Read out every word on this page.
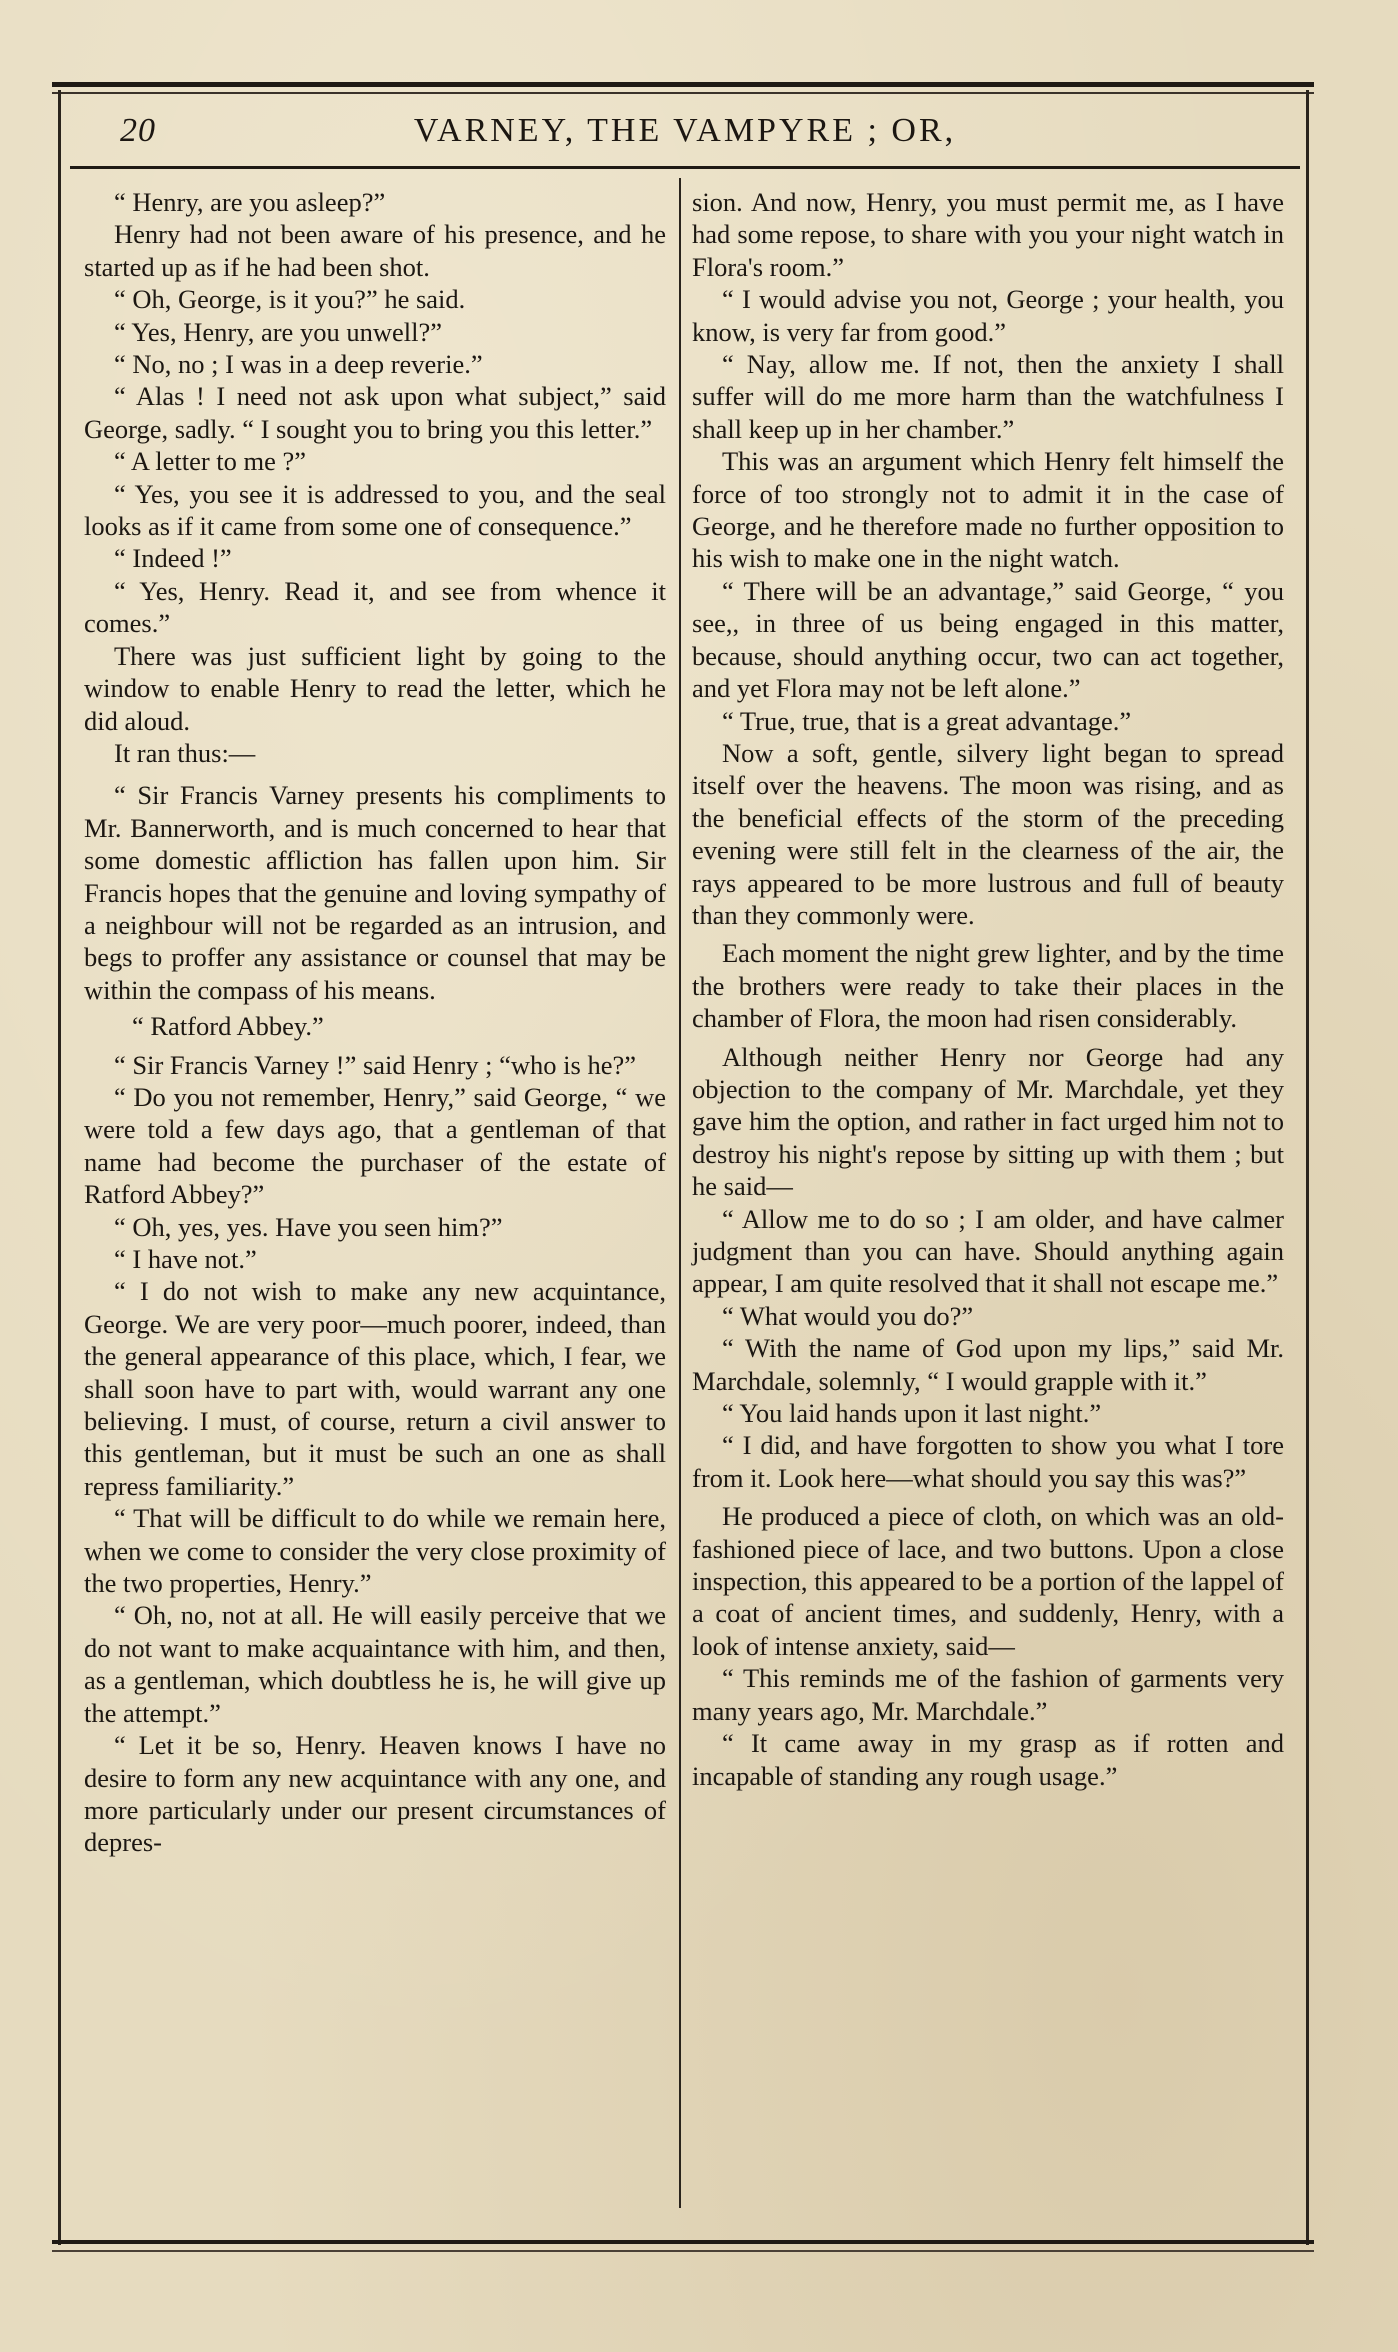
20	VARNEY, THE VAMPYRE ; OR,

“ Henry, are you asleep?”

Henry had not been aware of his presence, and he started up as if he had been shot.

“ Oh, George, is it you?” he said.

“ Yes, Henry, are you unwell?”

“ No, no ; I was in a deep reverie.”

“ Alas ! I need not ask upon what subject,” said George, sadly. “ I sought you to bring you this letter.”

“ A letter to me ?”

“ Yes, you see it is addressed to you, and the seal looks as if it came from some one of consequence.”

“ Indeed !”

“ Yes, Henry. Read it, and see from whence it comes.”

There was just sufficient light by going to the window to enable Henry to read the letter, which he did aloud.

It ran thus:—

“ Sir Francis Varney presents his compliments to Mr. Bannerworth, and is much concerned to hear that some domestic affliction has fallen upon him. Sir Francis hopes that the genuine and loving sympathy of a neighbour will not be regarded as an intrusion, and begs to proffer any assistance or counsel that may be within the compass of his means.

“ Ratford Abbey.”

“ Sir Francis Varney !” said Henry ; “who is he?”

“ Do you not remember, Henry,” said George, “ we were told a few days ago, that a gentleman of that name had become the purchaser of the estate of Ratford Abbey?”

“ Oh, yes, yes. Have you seen him?”

“ I have not.”

“ I do not wish to make any new acquintance, George. We are very poor—much poorer, indeed, than the general appearance of this place, which, I fear, we shall soon have to part with, would warrant any one believing. I must, of course, return a civil answer to this gentleman, but it must be such an one as shall repress familiarity.”

“ That will be difficult to do while we remain here, when we come to consider the very close proximity of the two properties, Henry.”

“ Oh, no, not at all. He will easily perceive that we do not want to make acquaintance with him, and then, as a gentleman, which doubtless he is, he will give up the attempt.”

“ Let it be so, Henry. Heaven knows I have no desire to form any new acquintance with any one, and more particularly under our present circumstances of depres-

sion. And now, Henry, you must permit me, as I have had some repose, to share with you your night watch in Flora's room.”

“ I would advise you not, George ; your health, you know, is very far from good.”

“ Nay, allow me. If not, then the anxiety I shall suffer will do me more harm than the watchfulness I shall keep up in her chamber.”

This was an argument which Henry felt himself the force of too strongly not to admit it in the case of George, and he therefore made no further opposition to his wish to make one in the night watch.

“ There will be an advantage,” said George, “ you see,, in three of us being engaged in this matter, because, should anything occur, two can act together, and yet Flora may not be left alone.”

“ True, true, that is a great advantage.”

Now a soft, gentle, silvery light began to spread itself over the heavens. The moon was rising, and as the beneficial effects of the storm of the preceding evening were still felt in the clearness of the air, the rays appeared to be more lustrous and full of beauty than they commonly were.

Each moment the night grew lighter, and by the time the brothers were ready to take their places in the chamber of Flora, the moon had risen considerably.

Although neither Henry nor George had any objection to the company of Mr. Marchdale, yet they gave him the option, and rather in fact urged him not to destroy his night's repose by sitting up with them ; but he said—

“ Allow me to do so ; I am older, and have calmer judgment than you can have. Should anything again appear, I am quite resolved that it shall not escape me.”

“ What would you do?”

“ With the name of God upon my lips,” said Mr. Marchdale, solemnly, “ I would grapple with it.”

“ You laid hands upon it last night.”

“ I did, and have forgotten to show you what I tore from it. Look here—what should you say this was?”

He produced a piece of cloth, on which was an old-fashioned piece of lace, and two buttons. Upon a close inspection, this appeared to be a portion of the lappel of a coat of ancient times, and suddenly, Henry, with a look of intense anxiety, said—

“ This reminds me of the fashion of garments very many years ago, Mr. Marchdale.”

“ It came away in my grasp as if rotten and incapable of standing any rough usage.”
